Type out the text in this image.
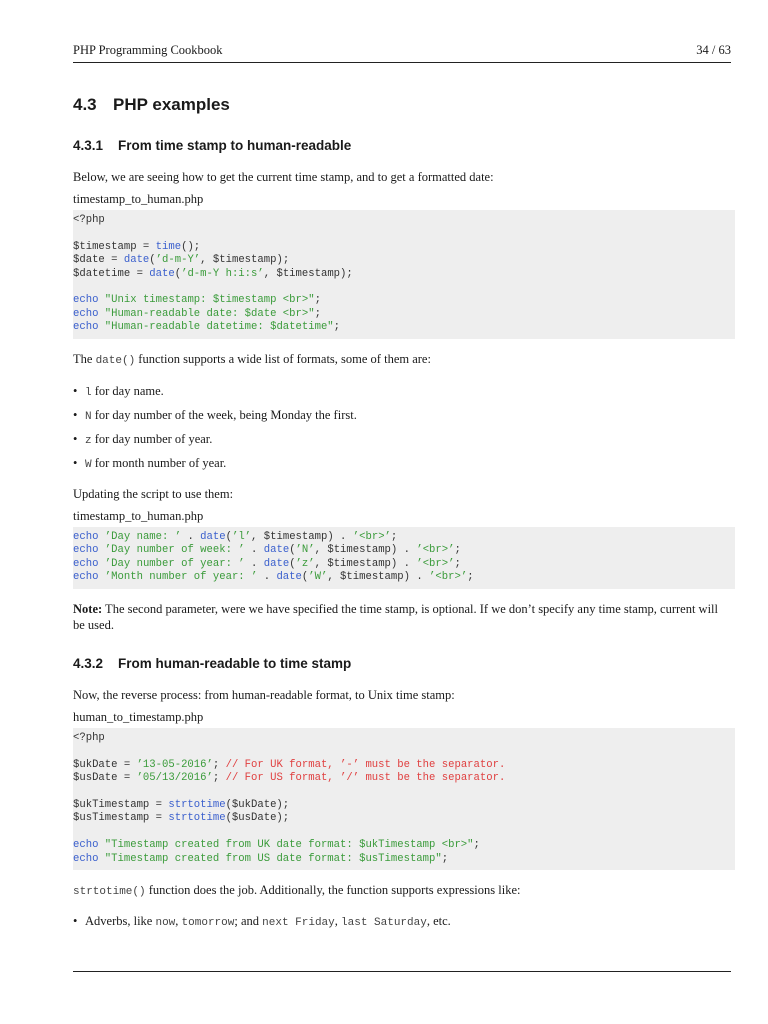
PHP Programming Cookbook	34 / 63
4.3 PHP examples
4.3.1 From time stamp to human-readable

Below, we are seeing how to get the current time stamp, and to get a formatted date:

timestamp_to_human.php

<?php

$timestamp = time();
$date = date(’d-m-Y’, $timestamp);
$datetime = date(’d-m-Y h:i:s’, $timestamp);

echo "Unix timestamp: $timestamp <br>";
echo "Human-readable date: $date <br>";
echo "Human-readable datetime: $datetime";

The date() function supports a wide list of formats, some of them are:

• l for day name.
• N for day number of the week, being Monday the first.
• z for day number of year.
• W for month number of year.

Updating the script to use them:

timestamp_to_human.php

echo ’Day name: ’ . date(’l’, $timestamp) . ’<br>’;
echo ’Day number of week: ’ . date(’N’, $timestamp) . ’<br>’;
echo ’Day number of year: ’ . date(’z’, $timestamp) . ’<br>’;
echo ’Month number of year: ’ . date(’W’, $timestamp) . ’<br>’;

Note: The second parameter, were we have specified the time stamp, is optional. If we don’t specify any time stamp, current will be used.

4.3.2 From human-readable to time stamp

Now, the reverse process: from human-readable format, to Unix time stamp:

human_to_timestamp.php

<?php

$ukDate = ’13-05-2016’; // For UK format, ’-’ must be the separator.
$usDate = ’05/13/2016’; // For US format, ’/’ must be the separator.

$ukTimestamp = strtotime($ukDate);
$usTimestamp = strtotime($usDate);

echo "Timestamp created from UK date format: $ukTimestamp <br>";
echo "Timestamp created from US date format: $usTimestamp";

strtotime() function does the job. Additionally, the function supports expressions like:

• Adverbs, like now, tomorrow; and next Friday, last Saturday, etc.
